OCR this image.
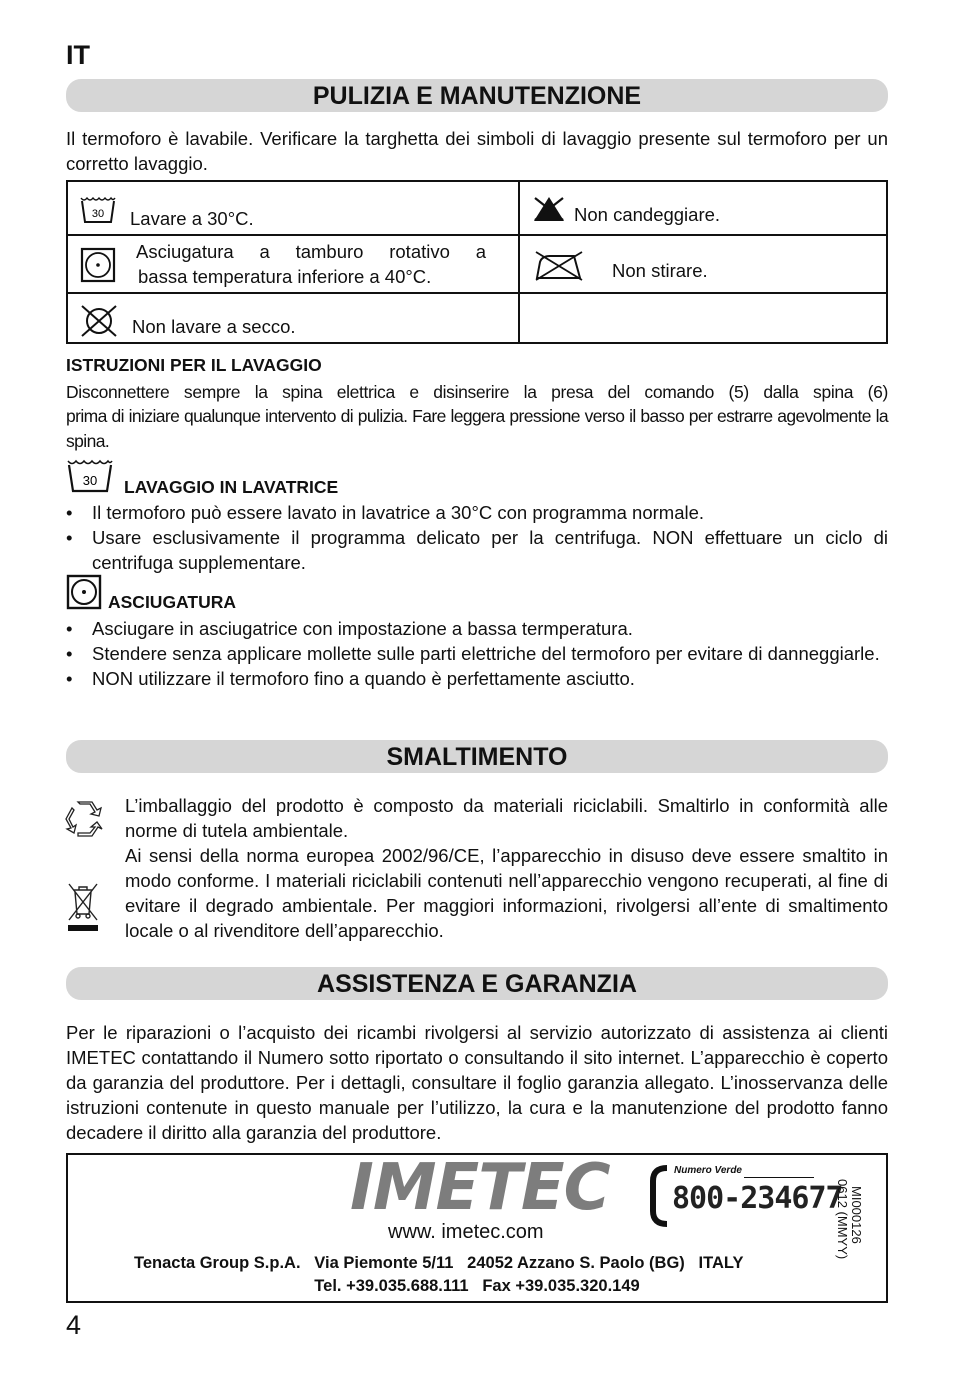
IT
PULIZIA E MANUTENZIONE
Il termoforo è lavabile. Verificare la targhetta dei simboli di lavaggio presente sul termoforo per un corretto lavaggio.
30 Lavare a 30°C.	Non candeggiare.

Asciugatura a tamburo rotativo a
bassa temperatura inferiore a 40°C.	Non stirare.

Non lavare a secco.	

ISTRUZIONI PER IL LAVAGGIO
Disconnettere sempre la spina elettrica e disinserire la presa del comando (5) dalla spina (6)
prima di iniziare qualunque intervento di pulizia. Fare leggera pressione verso il basso per estrarre agevolmente la spina.
30 LAVAGGIO IN LAVATRICE
• Il termoforo può essere lavato in lavatrice a 30°C con programma normale.
• Usare esclusivamente il programma delicato per la centrifuga. NON effettuare un ciclo di centrifuga supplementare.
ASCIUGATURA
• Asciugare in asciugatrice con impostazione a bassa termperatura.
• Stendere senza applicare mollette sulle parti elettriche del termoforo per evitare di danneggiarle.
• NON utilizzare il termoforo fino a quando è perfettamente asciutto.
SMALTIMENTO
L’imballaggio del prodotto è composto da materiali riciclabili. Smaltirlo in conformità alle norme di tutela ambientale.
Ai sensi della norma europea 2002/96/CE, l’apparecchio in disuso deve essere smaltito in modo conforme. I materiali riciclabili contenuti nell’apparecchio vengono recuperati, al fine di evitare il degrado ambientale. Per maggiori informazioni, rivolgersi all’ente di smaltimento locale o al rivenditore dell’apparecchio.
ASSISTENZA E GARANZIA
Per le riparazioni o l’acquisto dei ricambi rivolgersi al servizio autorizzato di assistenza ai clienti IMETEC contattando il Numero sotto riportato o consultando il sito internet. L’apparecchio è coperto da garanzia del produttore. Per i dettagli, consultare il foglio garanzia allegato. L’inosservanza delle istruzioni contenute in questo manuale per l’utilizzo, la cura e la manutenzione del prodotto fanno decadere il diritto alla garanzia del produttore.
IMETEC
www. imetec.com
Numero Verde
800-234677 MI000126
0612 (MMYY)
Tenacta Group S.p.A.   Via Piemonte 5/11   24052 Azzano S. Paolo (BG)   ITALY
Tel. +39.035.688.111   Fax +39.035.320.149
4
